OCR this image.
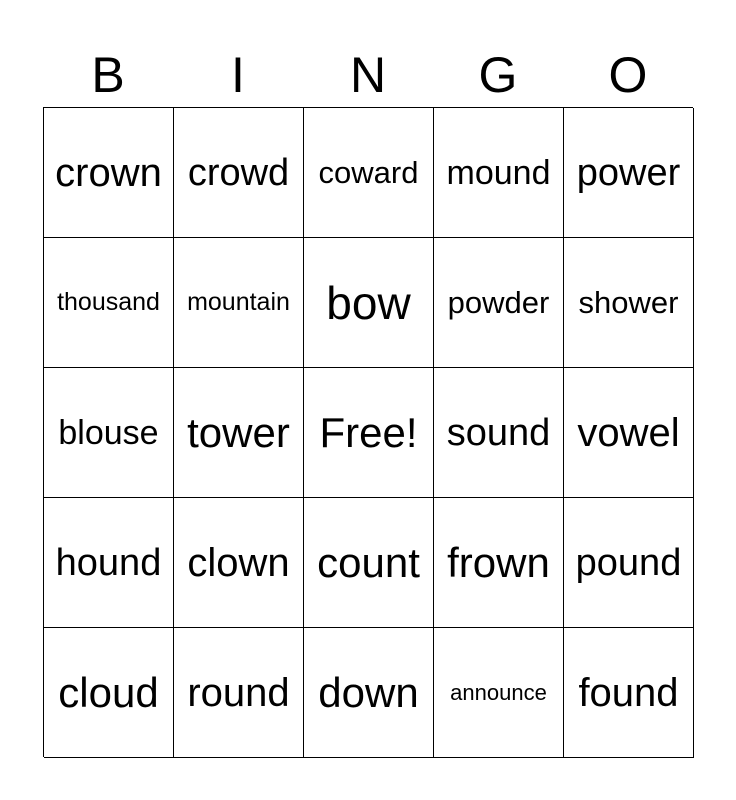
B	I	N	G	O
crown crowd coward mound power
thousand	mountain bow	powder shower
blouse tower Free! sound vowel
hound clown count frown pound
cloud round down	announce found
